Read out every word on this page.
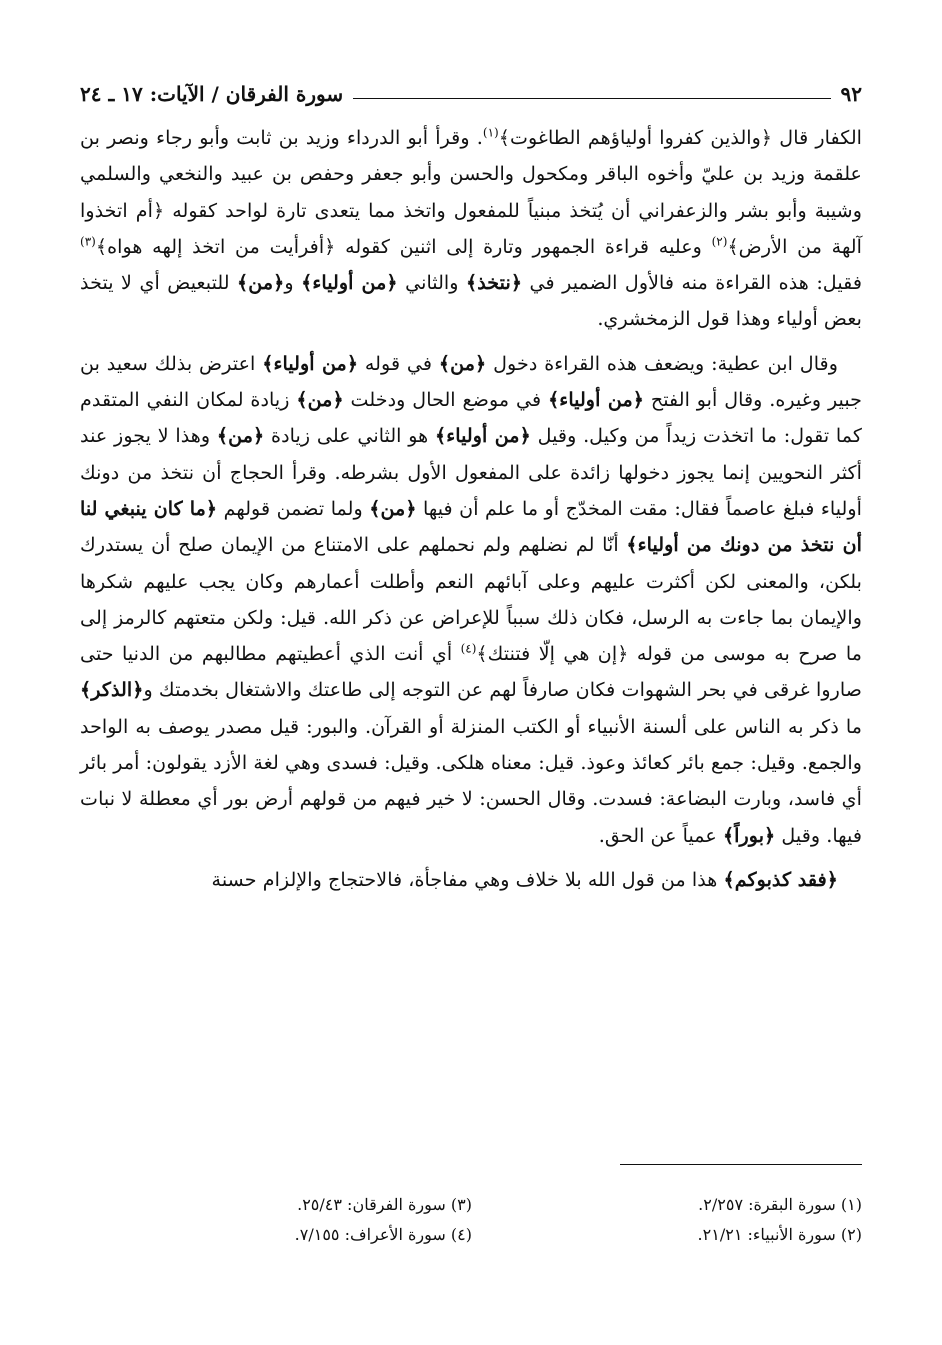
٩٢
سورة الفرقان / الآيات: ١٧ ـ ٢٤

الكفار قال ﴿والذين كفروا أولياؤهم الطاغوت﴾$^{(١)}$. وقرأ أبو الدرداء وزيد بن ثابت وأبو رجاء ونصر بن علقمة وزيد بن عليّ وأخوه الباقر ومكحول والحسن وأبو جعفر وحفص بن عبيد والنخعي والسلمي وشيبة وأبو بشر والزعفراني أن يُتخذ مبنياً للمفعول واتخذ مما يتعدى تارة لواحد كقوله ﴿أم اتخذوا آلهة من الأرض﴾$^{(٢)}$ وعليه قراءة الجمهور وتارة إلى اثنين كقوله ﴿أفرأيت من اتخذ إلهه هواه﴾$^{(٣)}$ فقيل: هذه القراءة منه فالأول الضمير في ﴿نتخذ﴾ والثاني ﴿من أولياء﴾ و﴿من﴾ للتبعيض أي لا يتخذ بعض أولياء وهذا قول الزمخشري.

وقال ابن عطية: ويضعف هذه القراءة دخول ﴿من﴾ في قوله ﴿من أولياء﴾ اعترض بذلك سعيد بن جبير وغيره. وقال أبو الفتح ﴿من أولياء﴾ في موضع الحال ودخلت ﴿من﴾ زيادة لمكان النفي المتقدم كما تقول: ما اتخذت زيداً من وكيل. وقيل ﴿من أولياء﴾ هو الثاني على زيادة ﴿من﴾ وهذا لا يجوز عند أكثر النحويين إنما يجوز دخولها زائدة على المفعول الأول بشرطه. وقرأ الحجاج أن نتخذ من دونك أولياء فبلغ عاصماً فقال: مقت المخدّج أو ما علم أن فيها ﴿من﴾ ولما تضمن قولهم ﴿ما كان ينبغي لنا أن نتخذ من دونك من أولياء﴾ أنّا لم نضلهم ولم نحملهم على الامتناع من الإيمان صلح أن يستدرك بلكن، والمعنى لكن أكثرت عليهم وعلى آبائهم النعم وأطلت أعمارهم وكان يجب عليهم شكرها والإيمان بما جاءت به الرسل، فكان ذلك سبباً للإعراض عن ذكر الله. قيل: ولكن متعتهم كالرمز إلى ما صرح به موسى من قوله ﴿إن هي إلّا فتنتك﴾$^{(٤)}$ أي أنت الذي أعطيتهم مطالبهم من الدنيا حتى صاروا غرقى في بحر الشهوات فكان صارفاً لهم عن التوجه إلى طاعتك والاشتغال بخدمتك و﴿الذكر﴾ ما ذكر به الناس على ألسنة الأنبياء أو الكتب المنزلة أو القرآن. والبور: قيل مصدر يوصف به الواحد والجمع. وقيل: جمع بائر كعائذ وعوذ. قيل: معناه هلكى. وقيل: فسدى وهي لغة الأزد يقولون: أمر بائر أي فاسد، وبارت البضاعة: فسدت. وقال الحسن: لا خير فيهم من قولهم أرض بور أي معطلة لا نبات فيها. وقيل ﴿بوراً﴾ عمياً عن الحق.

﴿فقد كذبوكم﴾ هذا من قول الله بلا خلاف وهي مفاجأة، فالاحتجاج والإلزام حسنة

(١) سورة البقرة: ٢/٢٥٧.
(٣) سورة الفرقان: ٢٥/٤٣.
(٢) سورة الأنبياء: ٢١/٢١.
(٤) سورة الأعراف: ٧/١٥٥.
